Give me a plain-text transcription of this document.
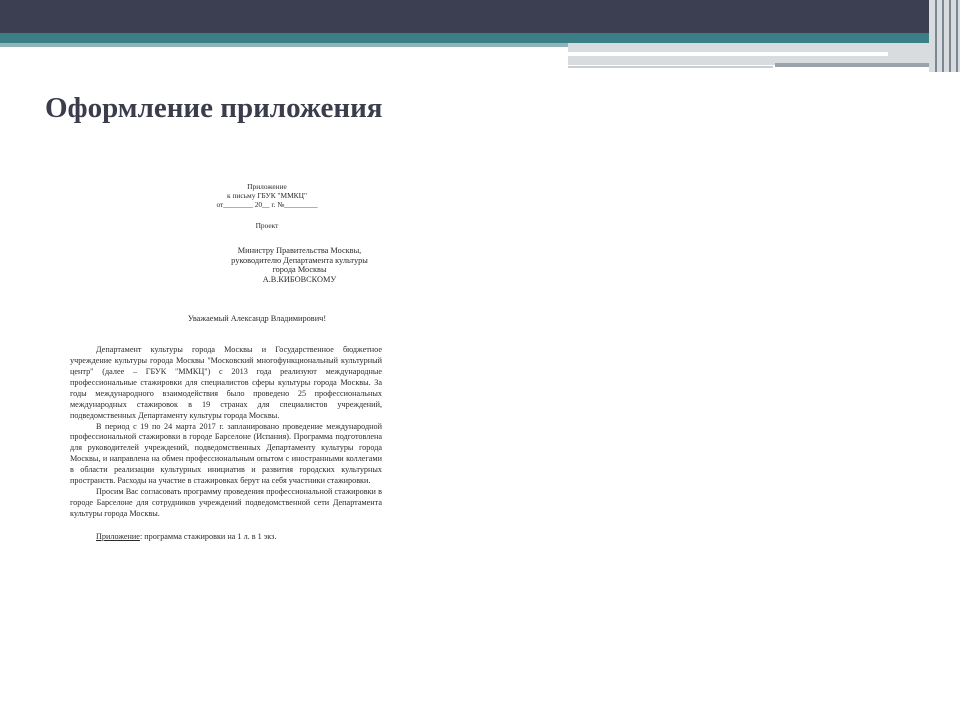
Оформление приложения
Приложение
к письму ГБУК "ММКЦ"
от________ 20__ г. №_________
Проект
Министру Правительства Москвы,
руководителю Департамента культуры
города Москвы
А.В.КИБОВСКОМУ
Уважаемый Александр Владимирович!

Департамент культуры города Москвы и Государственное бюджетное учреждение культуры города Москвы "Московский многофункциональный культурный центр" (далее – ГБУК "ММКЦ") с 2013 года реализуют международные профессиональные стажировки для специалистов сферы культуры города Москвы. За годы международного взаимодействия было проведено 25 профессиональных международных стажировок в 19 странах для специалистов учреждений, подведомственных Департаменту культуры города Москвы.

В период с 19 по 24 марта 2017 г. запланировано проведение международной профессиональной стажировки в городе Барселоне (Испания). Программа подготовлена для руководителей учреждений, подведомственных Департаменту культуры города Москвы, и направлена на обмен профессиональным опытом с иностранными коллегами в области реализации культурных инициатив и развития городских культурных пространств. Расходы на участие в стажировках берут на себя участники стажировки.

Просим Вас согласовать программу проведения профессиональной стажировки в городе Барселоне для сотрудников учреждений подведомственной сети Департамента культуры города Москвы.

Приложение: программа стажировки на 1 л. в 1 экз.
